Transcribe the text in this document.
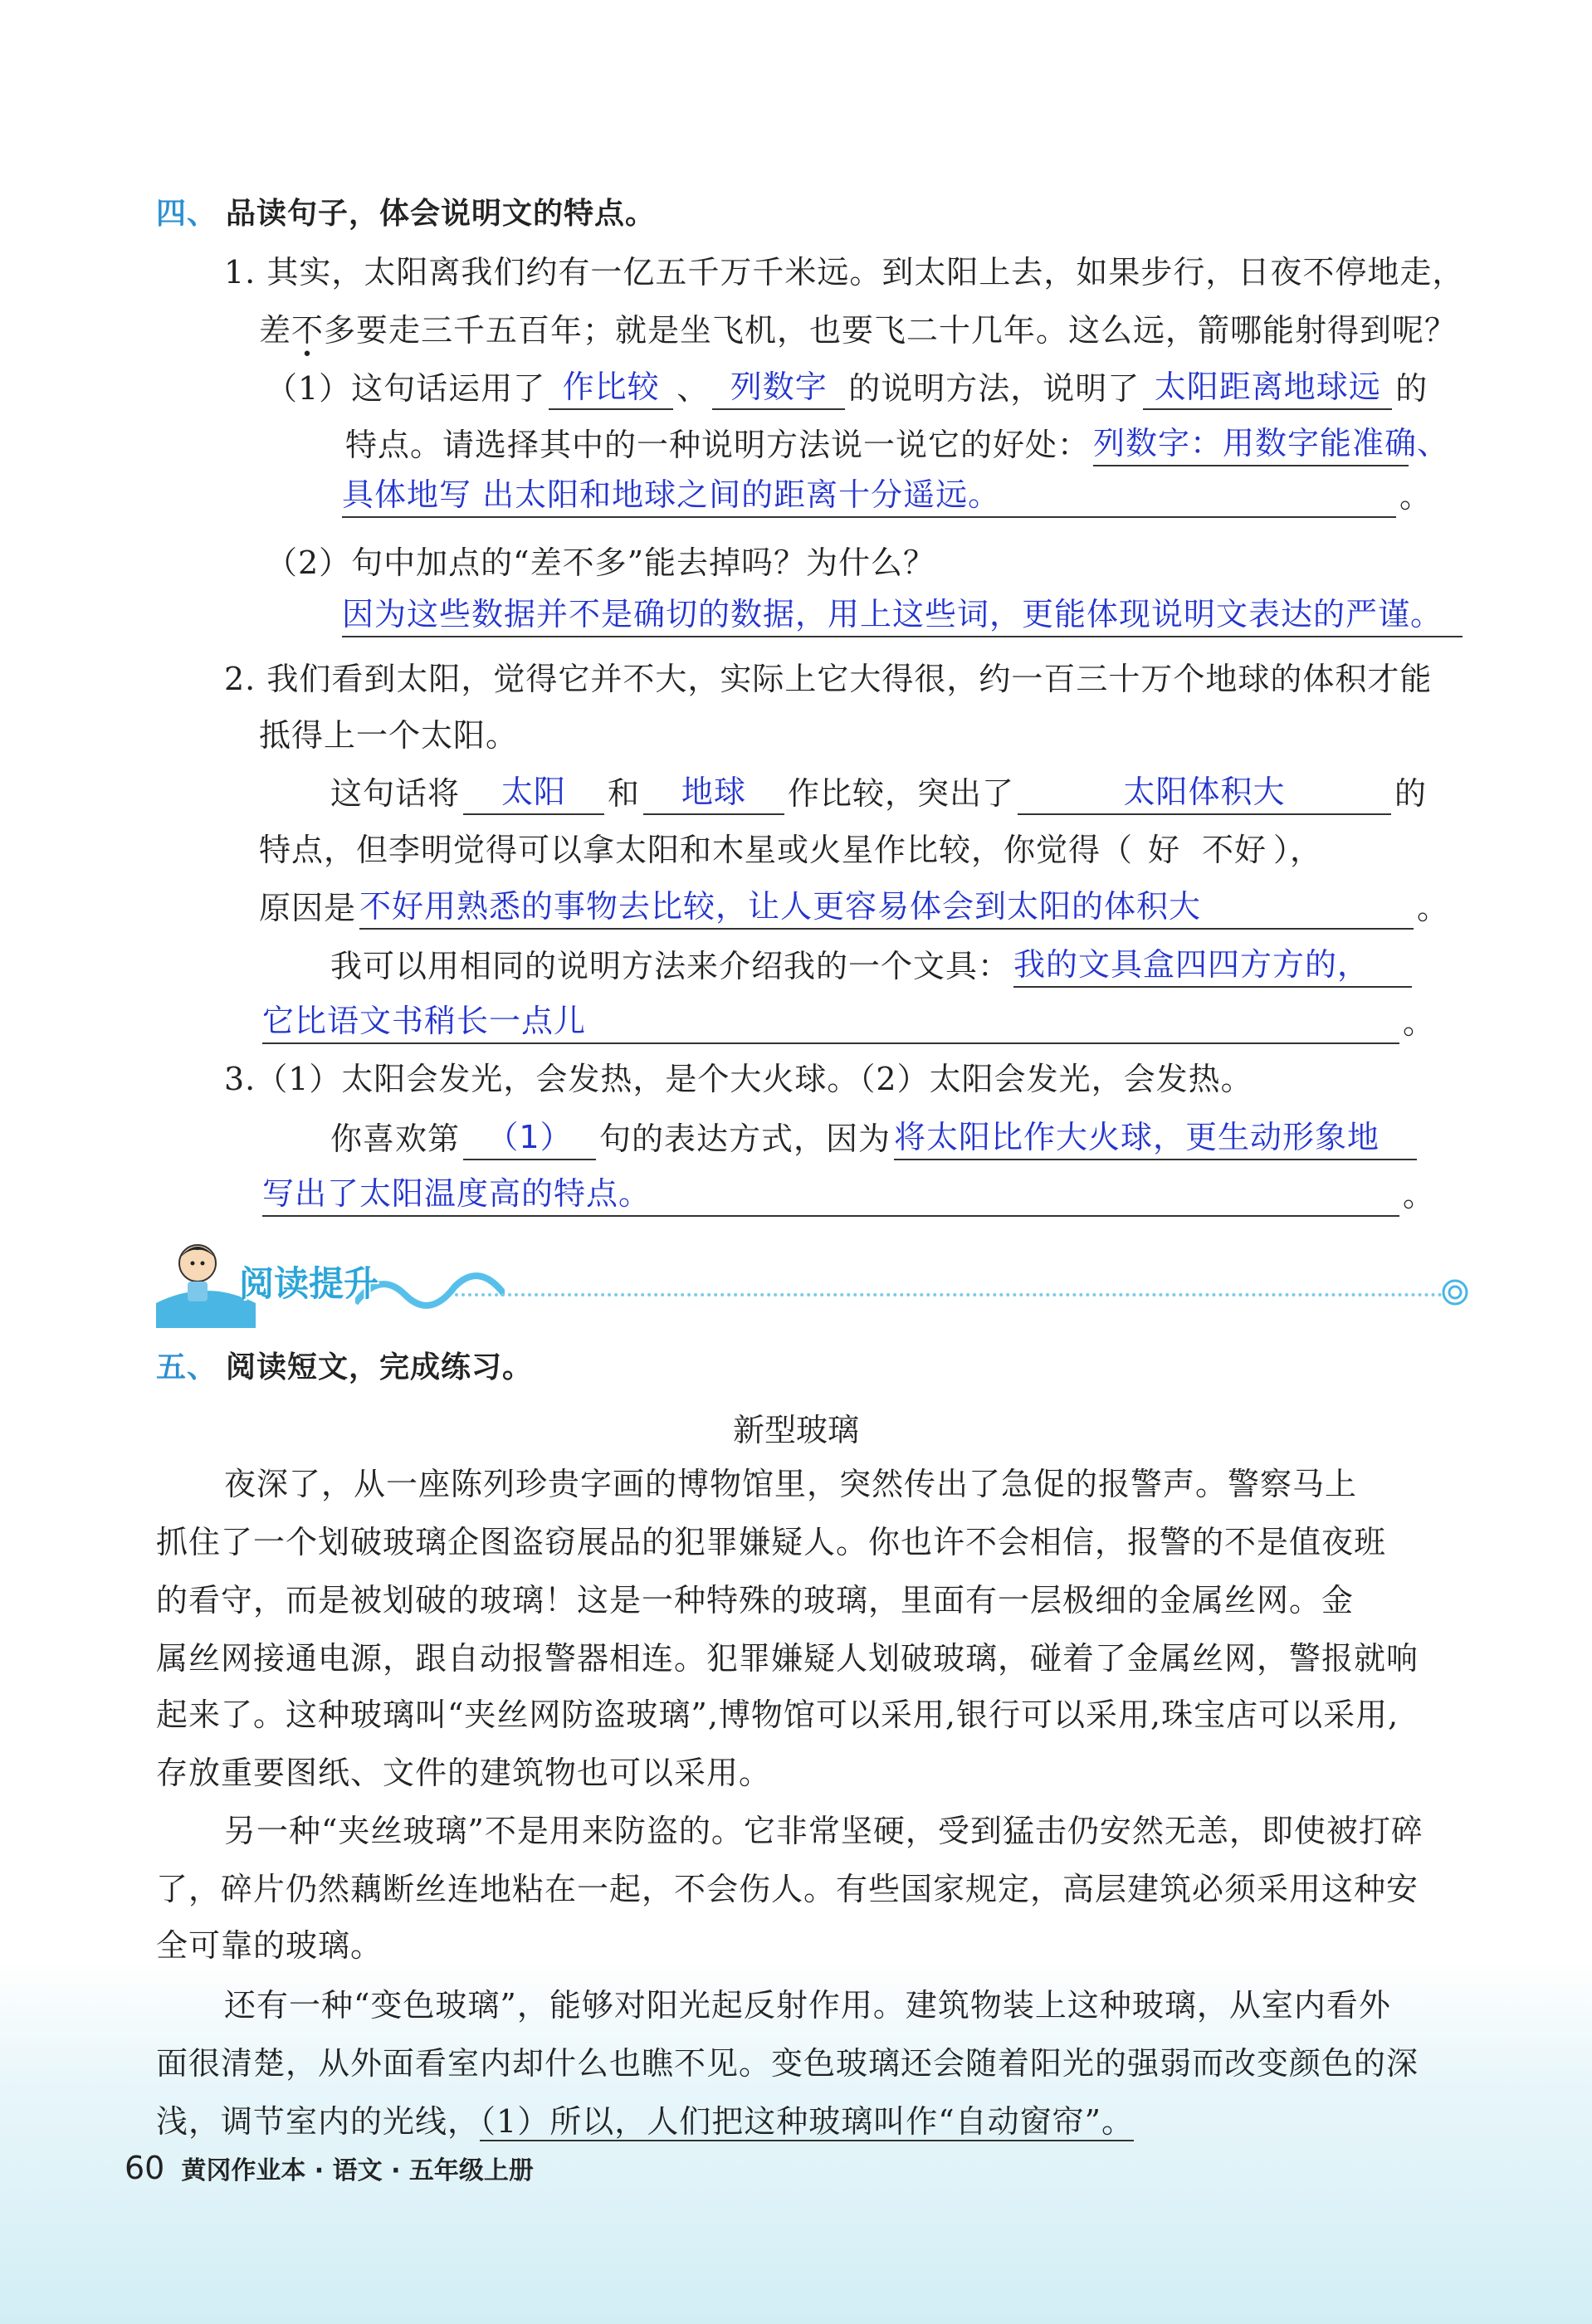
四、 品读句子，体会说明文的特点。
1. 其实，太阳离我们约有一亿五千万千米远。到太阳上去，如果步行，日夜不停地走，
差不多要走三千五百年；就是坐飞机，也要飞二十几年。这么远，箭哪能射得到呢？
（1）这句话运用了 作比较 、 列数字 的说明方法，说明了 太阳距离地球远 的
特点。请选择其中的一种说明方法说一说它的好处： 列数字：用数字能准确、
具体地写 出太阳和地球之间的距离十分遥远。	。
（2）句中加点的“差不多”能去掉吗？为什么？
因为这些数据并不是确切的数据，用上这些词，更能体现说明文表达的严谨。
2. 我们看到太阳，觉得它并不大，实际上它大得很，约一百三十万个地球的体积才能
抵得上一个太阳。
这句话将 太阳 和 地球 作比较，突出了	太阳体积大	的
特点，但李明觉得可以拿太阳和木星或火星作比较，你觉得（ 好 不好 ），
原因是 不好用熟悉的事物去比较，让人更容易体会到太阳的体积大	。
我可以用相同的说明方法来介绍我的一个文具： 我的文具盒四四方方的，
它比语文书稍长一点儿	。
3.（1）太阳会发光，会发热，是个大火球。（2）太阳会发光，会发热。
你喜欢第 （1） 句的表达方式，因为 将太阳比作大火球，更生动形象地
写出了太阳温度高的特点。	。
阅读提升
五、 阅读短文，完成练习。
新型玻璃
夜深了，从一座陈列珍贵字画的博物馆里，突然传出了急促的报警声。警察马上
抓住了一个划破玻璃企图盗窃展品的犯罪嫌疑人。你也许不会相信，报警的不是值夜班
的看守，而是被划破的玻璃！这是一种特殊的玻璃，里面有一层极细的金属丝网。金
属丝网接通电源，跟自动报警器相连。犯罪嫌疑人划破玻璃，碰着了金属丝网，警报就响
起来了。这种玻璃叫“夹丝网防盗玻璃”,博物馆可以采用,银行可以采用,珠宝店可以采用,
存放重要图纸、文件的建筑物也可以采用。
另一种“夹丝玻璃”不是用来防盗的。它非常坚硬，受到猛击仍安然无恙，即使被打碎
了，碎片仍然藕断丝连地粘在一起，不会伤人。有些国家规定，高层建筑必须采用这种安
全可靠的玻璃。
还有一种“变色玻璃”，能够对阳光起反射作用。建筑物装上这种玻璃，从室内看外
面很清楚，从外面看室内却什么也瞧不见。变色玻璃还会随着阳光的强弱而改变颜色的深
浅，调节室内的光线，（1）所以，人们把这种玻璃叫作“自动窗帘”。
60 黄冈作业本 · 语文 · 五年级上册
